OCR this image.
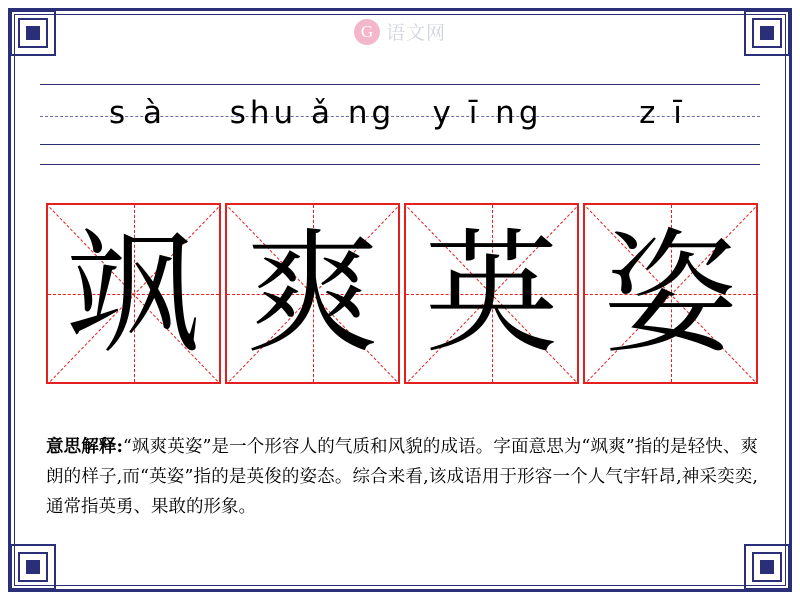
G 语文网
s à	shu ǎ ng	y ī ng	z ī
飒 爽 英 姿
意思解释:“飒爽英姿”是一个形容人的气质和风貌的成语。字面意思为“飒爽”指的是轻快、爽朗的样子,而“英姿”指的是英俊的姿态。综合来看,该成语用于形容一个人气宇轩昂,神采奕奕,通常指英勇、果敢的形象。
